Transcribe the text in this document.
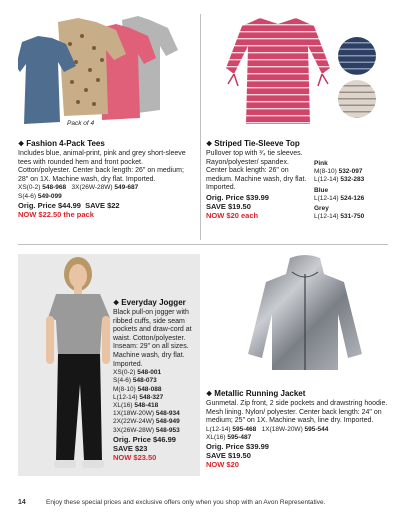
Pack of 4
❖ Fashion 4-Pack Tees
Includes blue, animal-print, pink and grey short-sleeve tees with rounded hem and front pocket. Cotton/polyester. Center back length: 26" on medium; 28" on 1X. Machine wash, dry flat. Imported.
XS(0-2) 548-968 3X(26W-28W) 549-687
S(4-6) 549-099
Orig. Price $44.99 SAVE $22
NOW $22.50 the pack
❖ Striped Tie-Sleeve Top
Pullover top with ³⁄₄ tie sleeves. Rayon/polyester/ spandex. Center back length: 26" on medium. Machine wash, dry flat. Imported.
Orig. Price $39.99
SAVE $19.50
NOW $20 each
Pink
M(8-10) 532-097
L(12-14) 532-283
Blue
L(12-14) 524-126
Grey
L(12-14) 531-750
❖ Everyday Jogger
Black pull-on jogger with ribbed cuffs, side seam pockets and draw-cord at waist. Cotton/polyester. Inseam: 29" on all sizes. Machine wash, dry flat. Imported.
XS(0-2) 548-001
S(4-6) 548-073
M(8-10) 548-088
L(12-14) 548-327
XL(16) 548-418
1X(18W-20W) 548-934
2X(22W-24W) 548-949
3X(26W-28W) 548-953
Orig. Price $46.99
SAVE $23
NOW $23.50
❖ Metallic Running Jacket
Gunmetal. Zip front, 2 side pockets and drawstring hoodie. Mesh lining. Nylon/ polyester. Center back length: 24" on medium; 25" on 1X. Machine wash, line dry. Imported.
L(12-14) 595-468 1X(18W-20W) 595-544
XL(16) 595-487
Orig. Price $39.99
SAVE $19.50
NOW $20
14	Enjoy these special prices and exclusive offers only when you shop with an Avon Representative.
